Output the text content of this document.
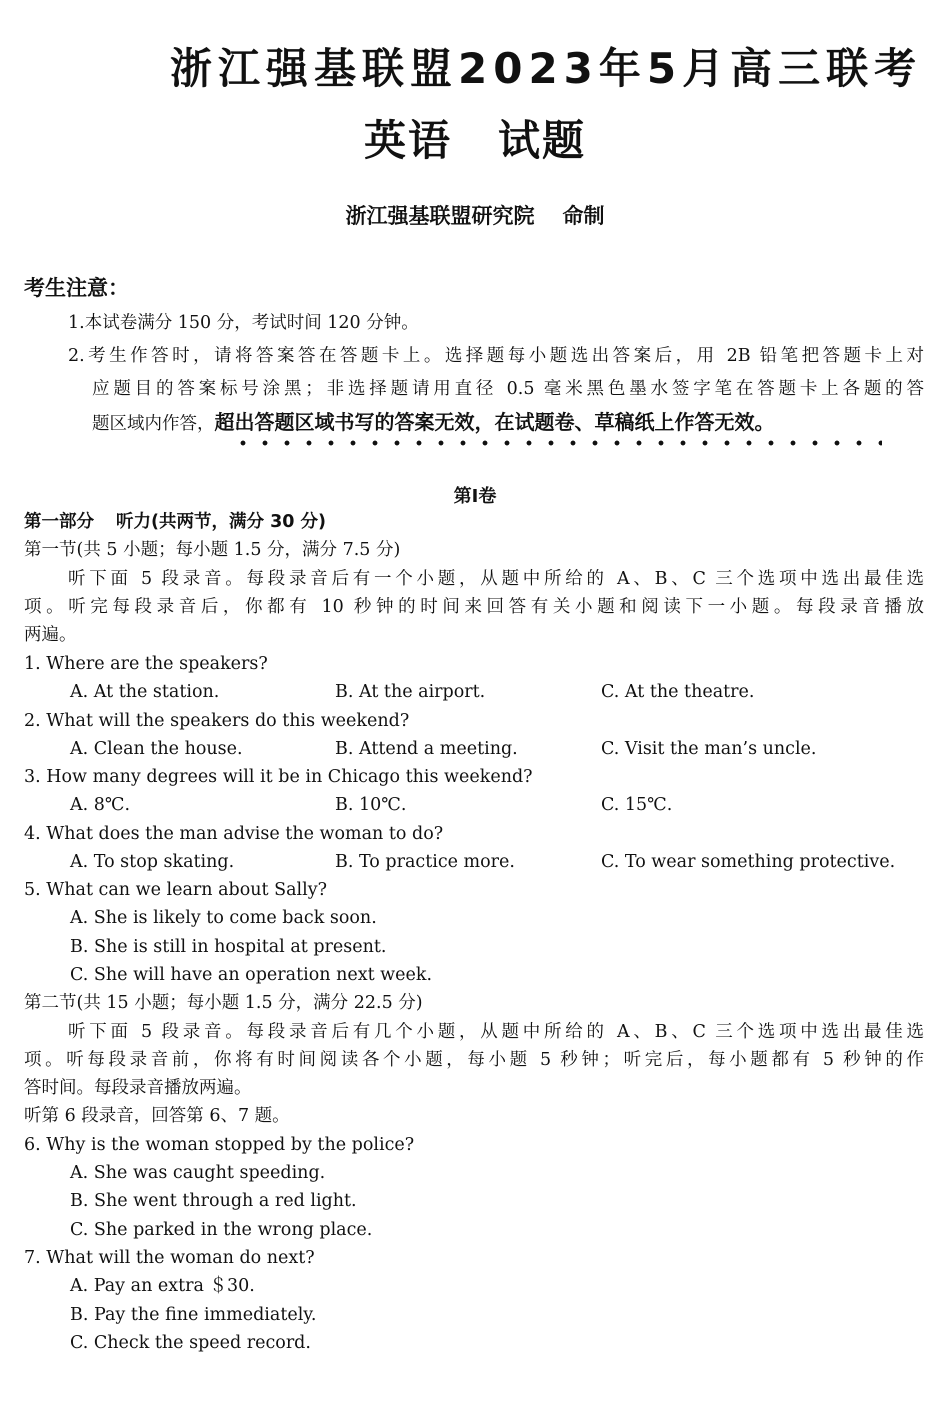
浙江强基联盟2023年5月高三联考
英语 试题
浙江强基联盟研究院 命制
考生注意：
1.本试卷满分 150 分，考试时间 120 分钟。
2.考生作答时，请将答案答在答题卡上。选择题每小题选出答案后，用 2B 铅笔把答题卡上对
应题目的答案标号涂黑；非选择题请用直径 0.5 毫米黑色墨水签字笔在答题卡上各题的答
题区域内作答，超出答题区域书写的答案无效，在试题卷、草稿纸上作答无效。
第Ⅰ卷
第一部分 听力(共两节，满分 30 分)
第一节(共 5 小题；每小题 1.5 分，满分 7.5 分)
听下面 5 段录音。每段录音后有一个小题，从题中所给的 A、B、C 三个选项中选出最佳选
项。听完每段录音后，你都有 10 秒钟的时间来回答有关小题和阅读下一小题。每段录音播放
两遍。
1. Where are the speakers?
A. At the station.	B. At the airport.	C. At the theatre.
2. What will the speakers do this weekend?
A. Clean the house.	B. Attend a meeting.	C. Visit the man’s uncle.
3. How many degrees will it be in Chicago this weekend?
A. 8℃.	B. 10℃.	C. 15℃.
4. What does the man advise the woman to do?
A. To stop skating.	B. To practice more.	C. To wear something protective.
5. What can we learn about Sally?
A. She is likely to come back soon.
B. She is still in hospital at present.
C. She will have an operation next week.
第二节(共 15 小题；每小题 1.5 分，满分 22.5 分)
听下面 5 段录音。每段录音后有几个小题，从题中所给的 A、B、C 三个选项中选出最佳选
项。听每段录音前，你将有时间阅读各个小题，每小题 5 秒钟；听完后，每小题都有 5 秒钟的作
答时间。每段录音播放两遍。
听第 6 段录音，回答第 6、7 题。
6. Why is the woman stopped by the police?
A. She was caught speeding.
B. She went through a red light.
C. She parked in the wrong place.
7. What will the woman do next?
A. Pay an extra ＄30.
B. Pay the fine immediately.
C. Check the speed record.
